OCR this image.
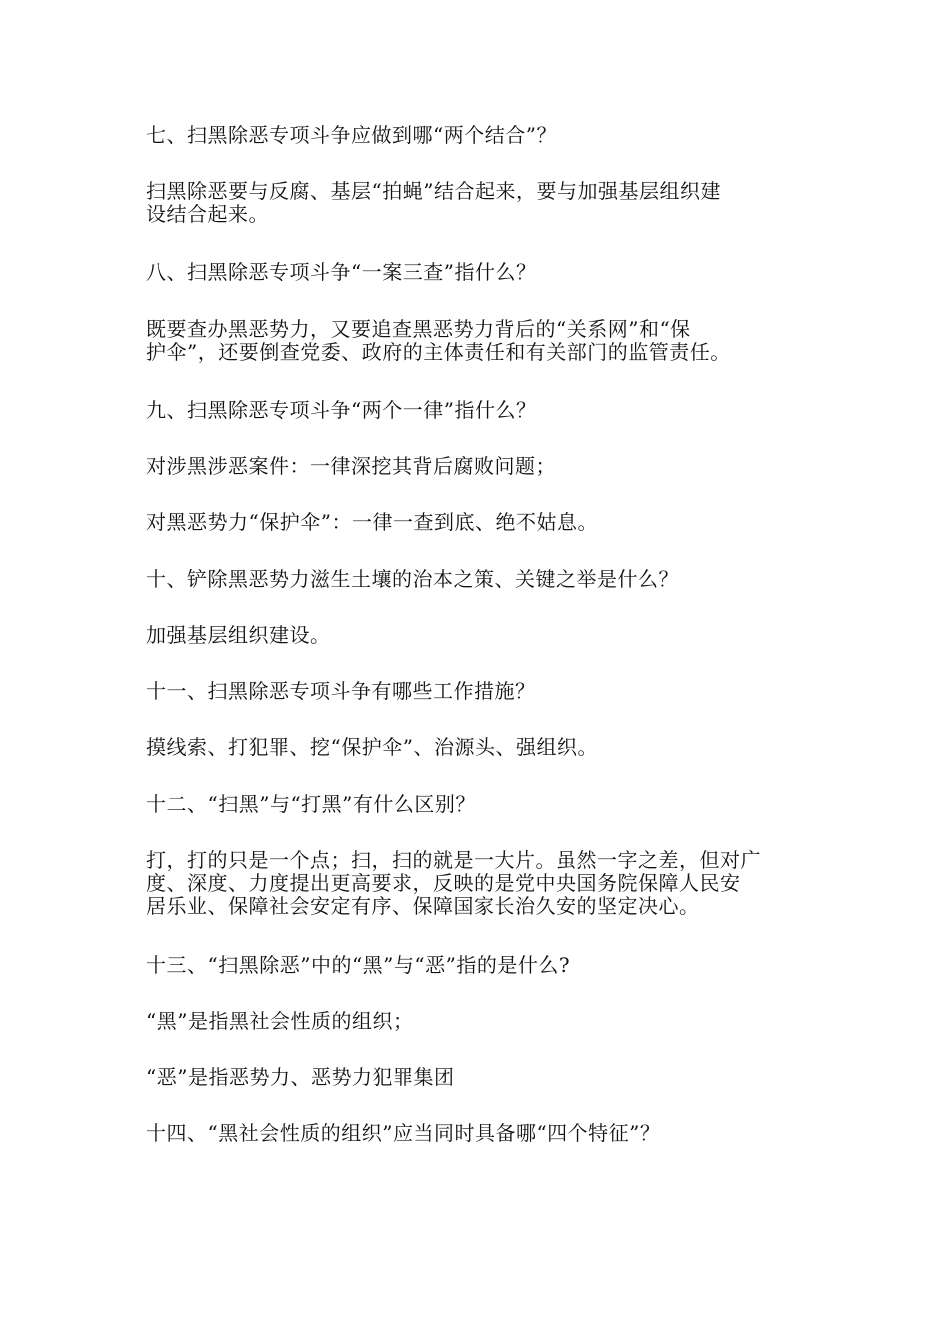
七、扫黑除恶专项斗争应做到哪“两个结合”？

扫黑除恶要与反腐、基层“拍蝇”结合起来，要与加强基层组织建
设结合起来。

八、扫黑除恶专项斗争“一案三查”指什么？

既要查办黑恶势力，又要追查黑恶势力背后的“关系网”和“保
护伞”，还要倒查党委、政府的主体责任和有关部门的监管责任。

九、扫黑除恶专项斗争“两个一律”指什么？

对涉黑涉恶案件：一律深挖其背后腐败问题；

对黑恶势力“保护伞”：一律一查到底、绝不姑息。

十、铲除黑恶势力滋生土壤的治本之策、关键之举是什么？

加强基层组织建设。

十一、扫黑除恶专项斗争有哪些工作措施？

摸线索、打犯罪、挖“保护伞”、治源头、强组织。

十二、“扫黑”与“打黑”有什么区别？

打，打的只是一个点；扫，扫的就是一大片。虽然一字之差，但对广
度、深度、力度提出更高要求，反映的是党中央国务院保障人民安
居乐业、保障社会安定有序、保障国家长治久安的坚定决心。

十三、“扫黑除恶”中的“黑”与“恶”指的是什么?

“黑”是指黑社会性质的组织；

“恶”是指恶势力、恶势力犯罪集团

十四、“黑社会性质的组织”应当同时具备哪“四个特征”？
